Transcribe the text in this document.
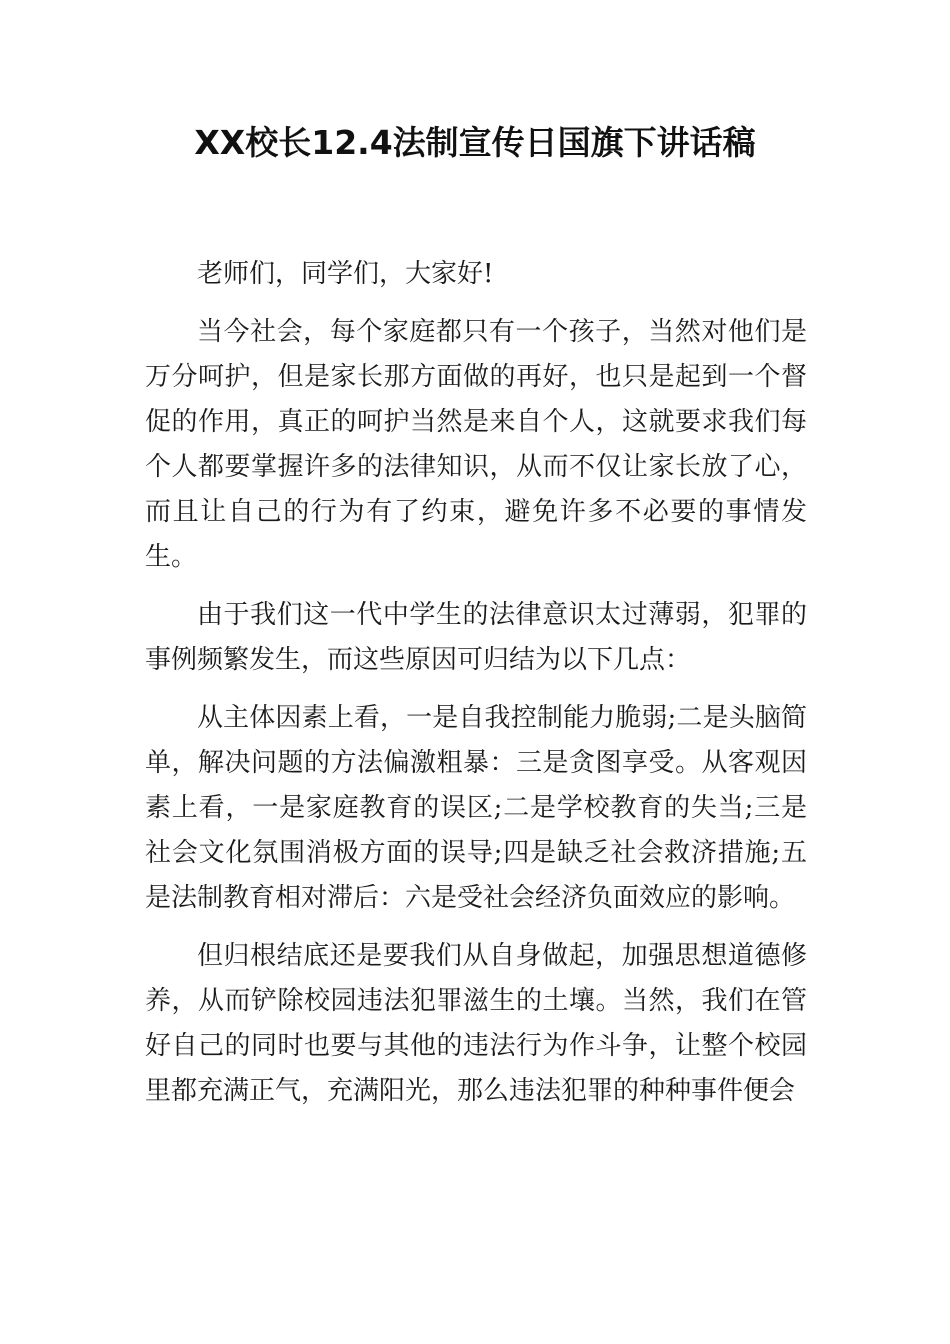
XX校长12.4法制宣传日国旗下讲话稿

老师们，同学们，大家好!

当今社会，每个家庭都只有一个孩子，当然对他们是万分呵护，但是家长那方面做的再好，也只是起到一个督促的作用，真正的呵护当然是来自个人，这就要求我们每个人都要掌握许多的法律知识，从而不仅让家长放了心，而且让自己的行为有了约束，避免许多不必要的事情发生。

由于我们这一代中学生的法律意识太过薄弱，犯罪的事例频繁发生，而这些原因可归结为以下几点：

从主体因素上看，一是自我控制能力脆弱;二是头脑简单，解决问题的方法偏激粗暴：三是贪图享受。从客观因素上看，一是家庭教育的误区;二是学校教育的失当;三是社会文化氛围消极方面的误导;四是缺乏社会救济措施;五是法制教育相对滞后：六是受社会经济负面效应的影响。

但归根结底还是要我们从自身做起，加强思想道德修养，从而铲除校园违法犯罪滋生的土壤。当然，我们在管好自己的同时也要与其他的违法行为作斗争，让整个校园里都充满正气，充满阳光，那么违法犯罪的种种事件便会
